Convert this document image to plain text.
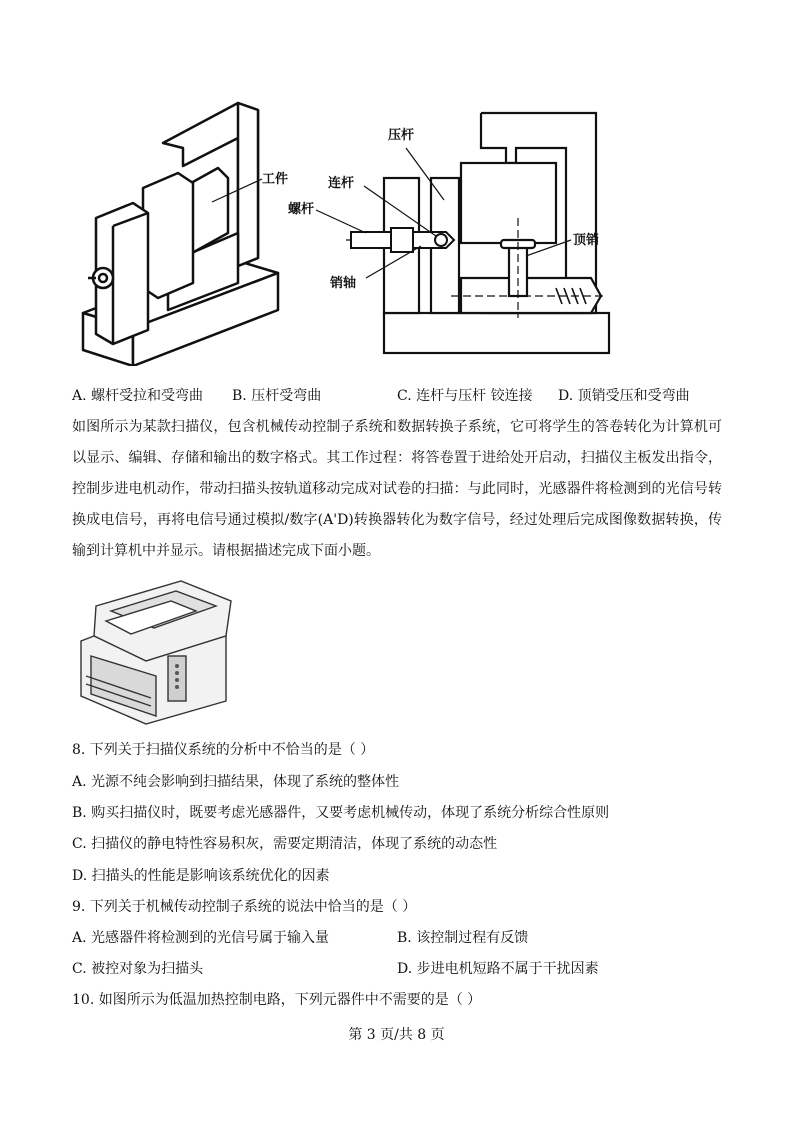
工件
压杆
连杆
螺杆
顶销
销轴
A. 螺杆受拉和受弯曲 B. 压杆受弯曲	C. 连杆与压杆 铰连接 D. 顶销受压和受弯曲
如图所示为某款扫描仪，包含机械传动控制子系统和数据转换子系统，它可将学生的答卷转化为计算机可以显示、编辑、存储和输出的数字格式。其工作过程：将答卷置于进给处开启动，扫描仪主板发出指令，控制步进电机动作，带动扫描头按轨道移动完成对试卷的扫描：与此同时，光感器件将检测到的光信号转换成电信号，再将电信号通过模拟/数字(A'D)转换器转化为数字信号，经过处理后完成图像数据转换，传输到计算机中并显示。请根据描述完成下面小题。
8. 下列关于扫描仪系统的分析中不恰当的是（ ）
A. 光源不纯会影响到扫描结果，体现了系统的整体性
B. 购买扫描仪时，既要考虑光感器件，又要考虑机械传动，体现了系统分析综合性原则
C. 扫描仪的静电特性容易积灰，需要定期清洁，体现了系统的动态性
D. 扫描头的性能是影响该系统优化的因素
9. 下列关于机械传动控制子系统的说法中恰当的是（ ）
A. 光感器件将检测到的光信号属于输入量	B. 该控制过程有反馈
C. 被控对象为扫描头	D. 步进电机短路不属于干扰因素
10. 如图所示为低温加热控制电路，下列元器件中不需要的是（ ）
第 3 页/共 8 页
